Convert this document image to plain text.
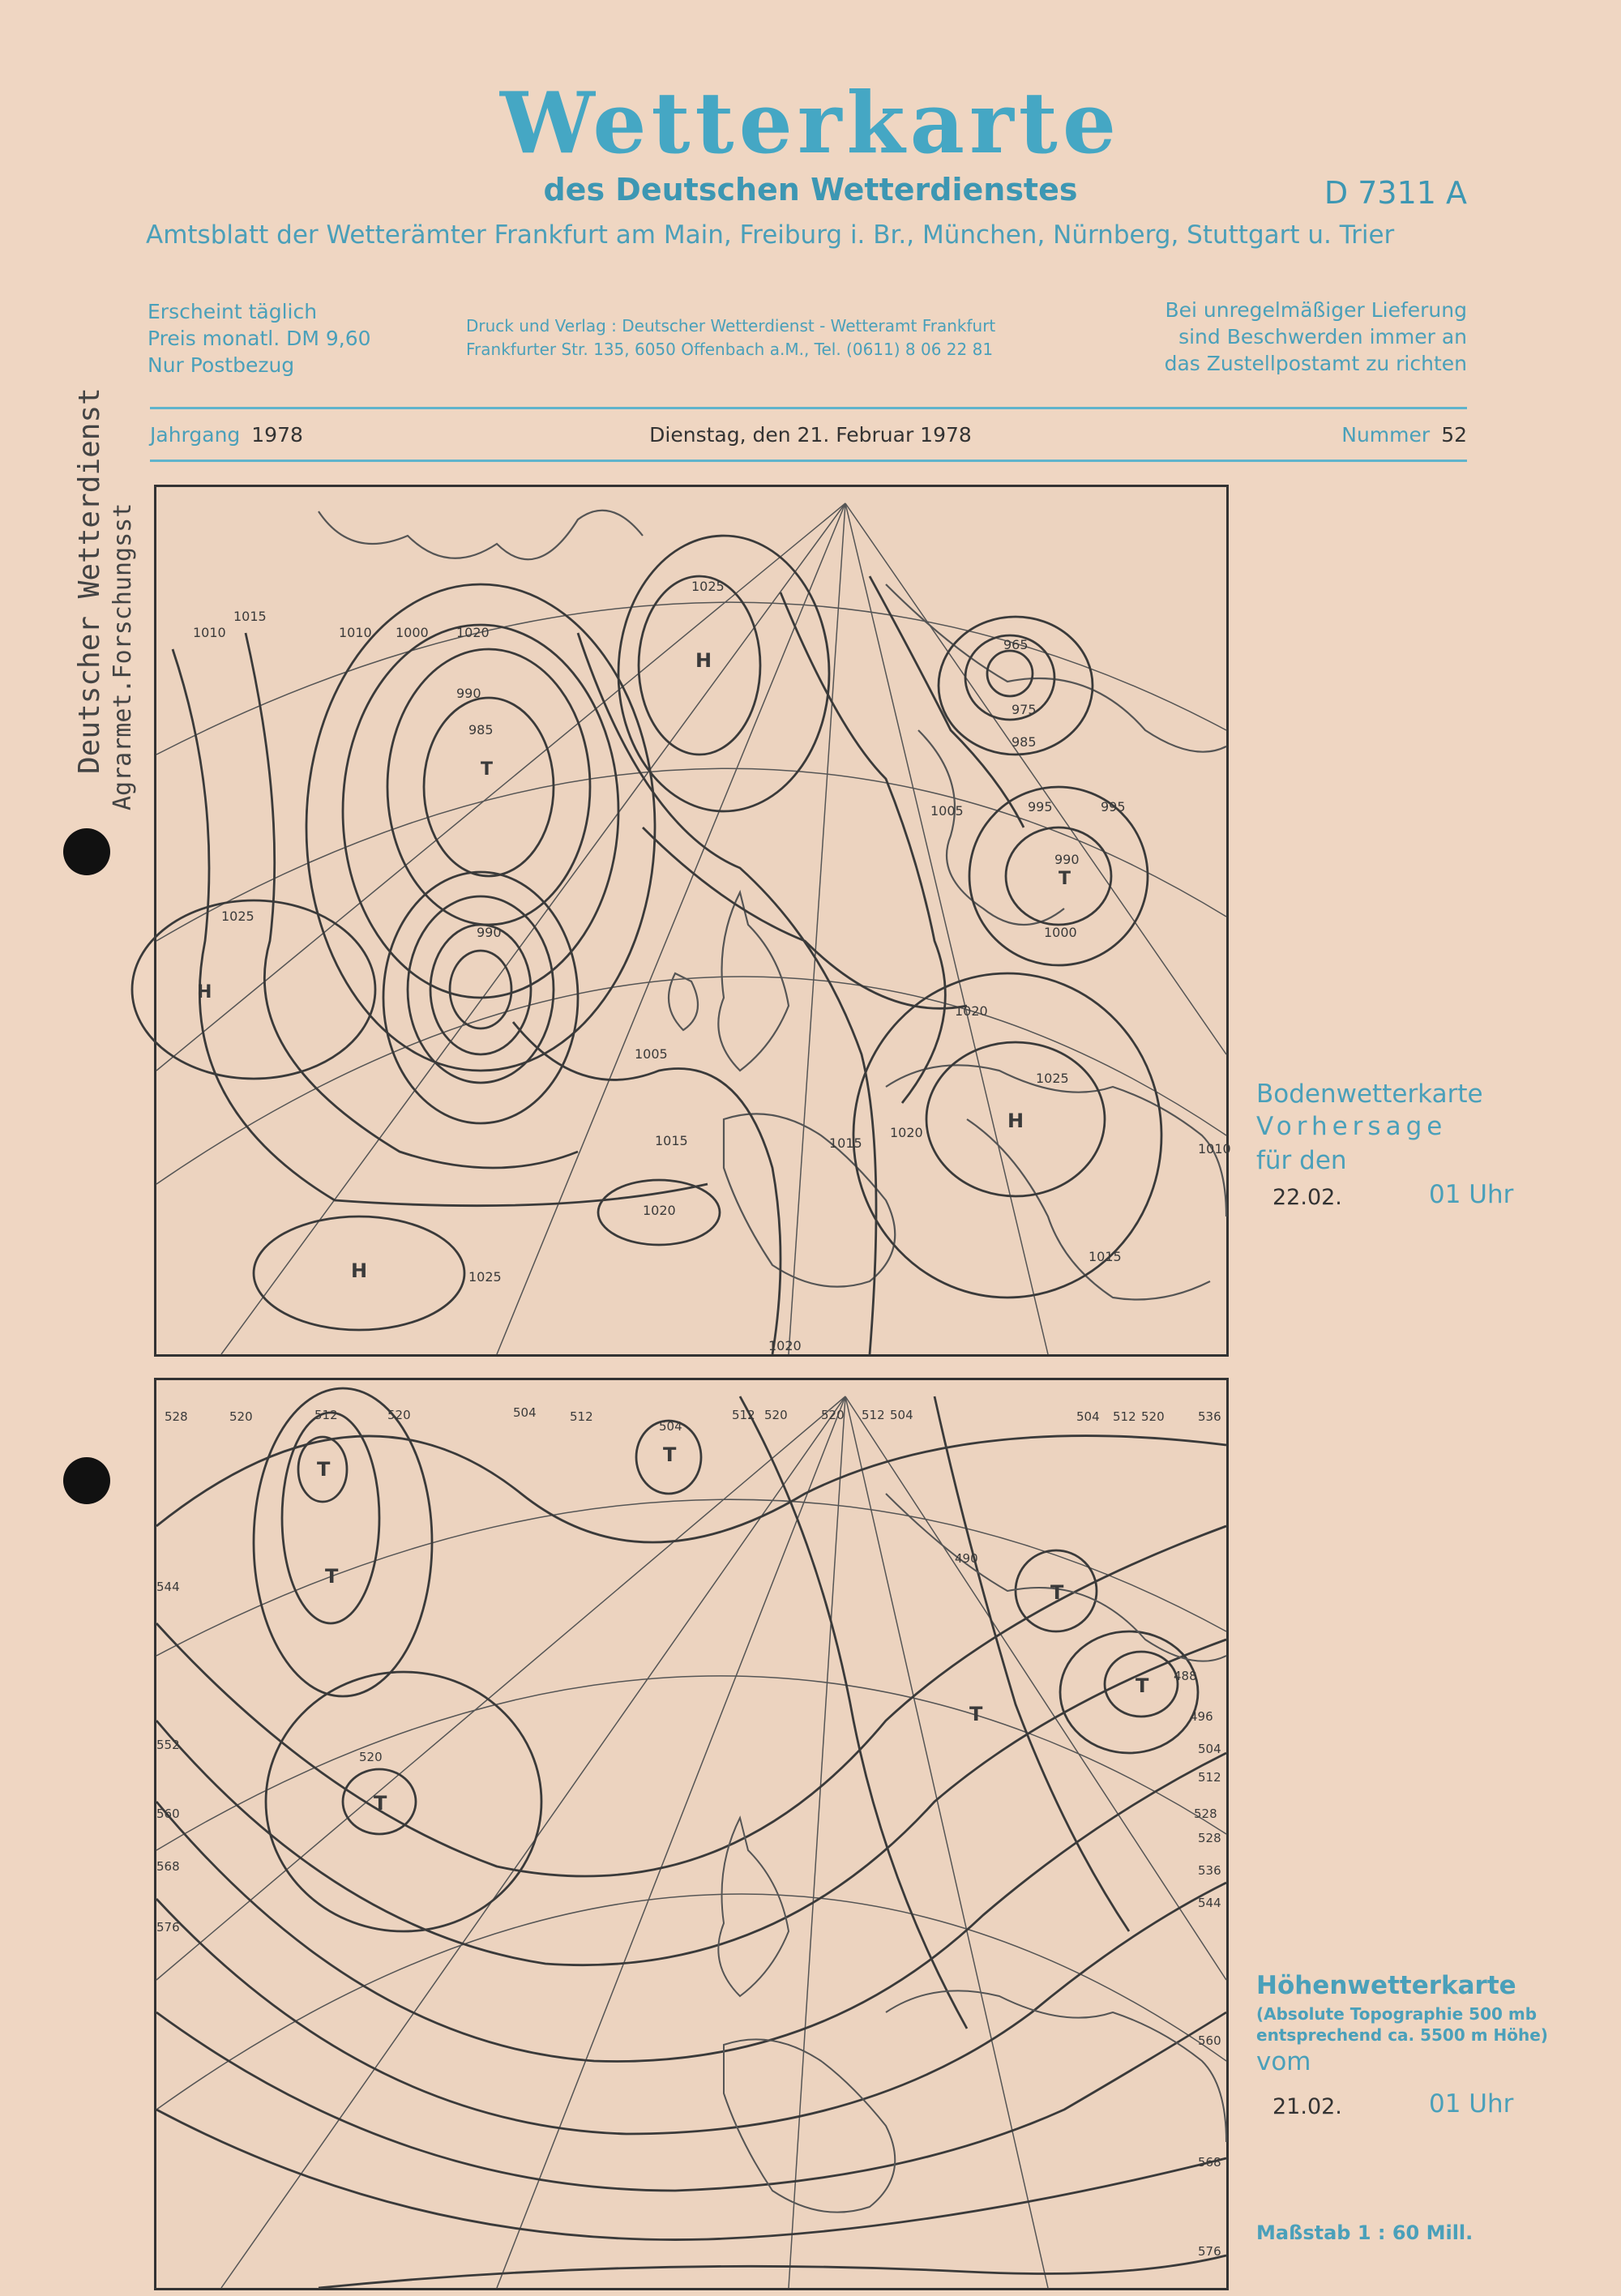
Wetterkarte
des Deutschen Wetterdienstes	D 7311 A
Amtsblatt der Wetterämter Frankfurt am Main, Freiburg i. Br., München, Nürnberg, Stuttgart u. Trier
Erscheint täglich
Preis monatl. DM 9,60
Nur Postbezug
Druck und Verlag : Deutscher Wetterdienst - Wetteramt Frankfurt
Frankfurter Str. 135, 6050 Offenbach a.M., Tel. (0611) 8 06 22 81
Bei unregelmäßiger Lieferung
sind Beschwerden immer an
das Zustellpostamt zu richten
Jahrgang 1978	Dienstag, den 21. Februar 1978	Nummer 52
Deutscher Wetterdienst Agrarmet.Forschungsst	H
H
H
H
T
T
1015
1010	1010 1000 1020
1025
990
985
1025
990
990
1005
1015
1020
1025
1020
1025
965
975
985
995	995
1005
1000
1015
1020
1020
1015
1010
Bodenwetterkarte
Vorhersage
für den
22.02.	01 Uhr
T
T
T
T
T
T
T
528	520	512	520	504	512
504
512 520	520 512 504	504 512 520	536
544
520
552
560
568
576
490
488
496
528
544
560
568
576
504
512
528
536
Höhenwetterkarte
(Absolute Topographie 500 mb
entsprechend ca. 5500 m Höhe)
vom
21.02.	01 Uhr
Maßstab 1 : 60 Mill.
